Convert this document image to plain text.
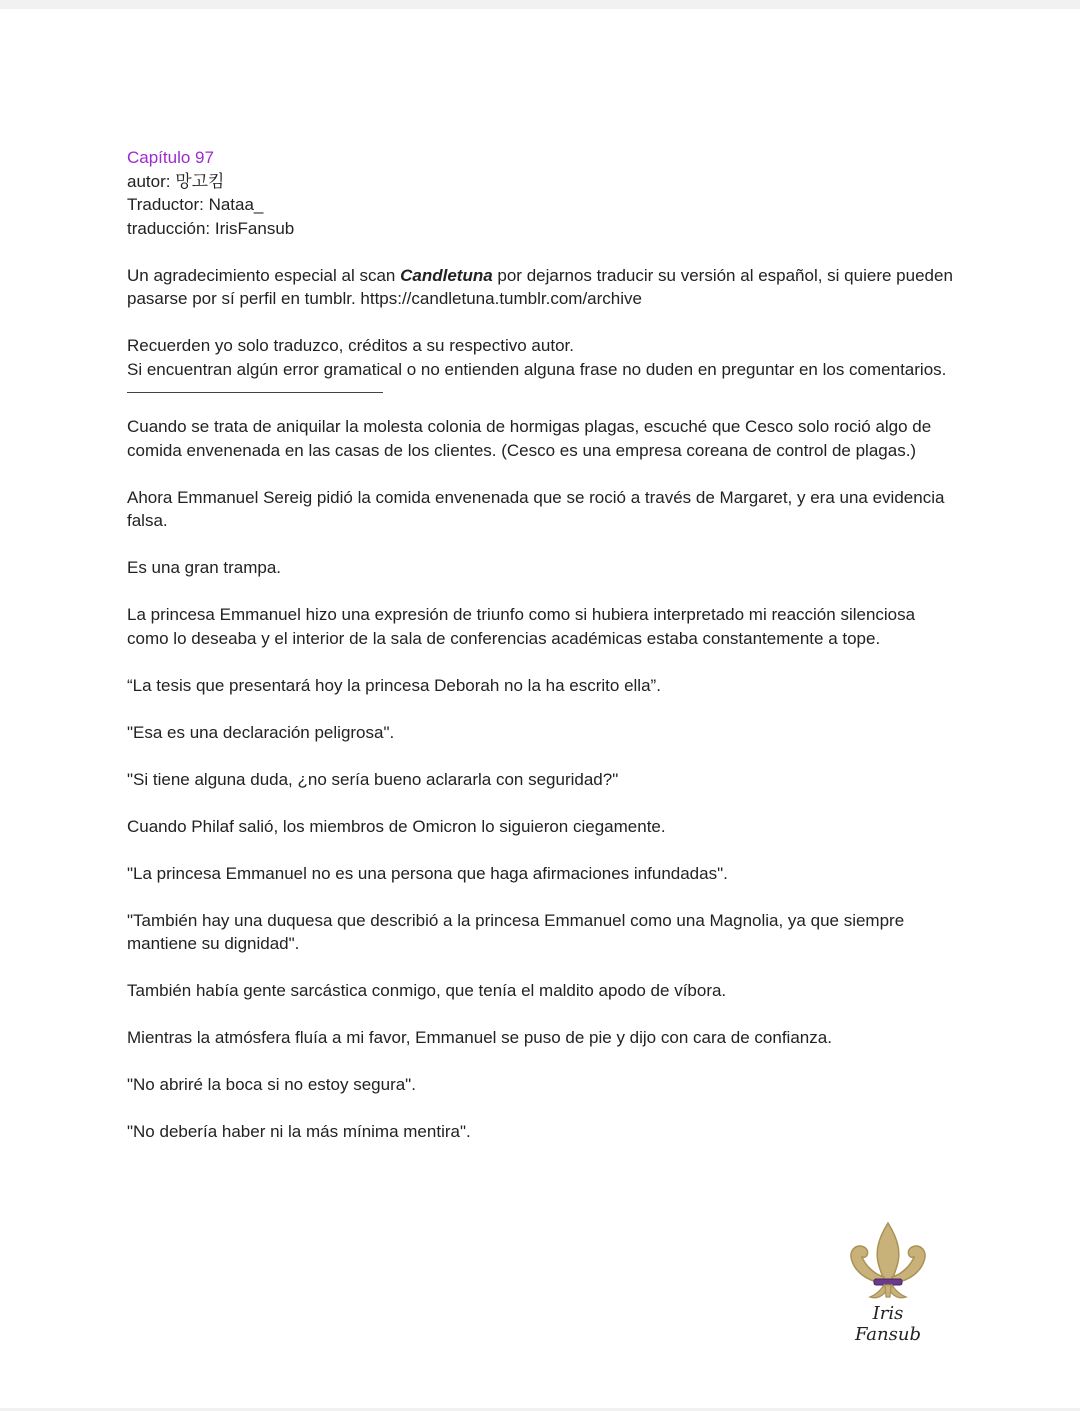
Capítulo 97

autor: 망고킴

Traductor: Nataa_

traducción: IrisFansub

Un agradecimiento especial al scan Candletuna por dejarnos traducir su versión al español, si quiere pueden pasarse por sí perfil en tumblr. https://candletuna.tumblr.com/archive

Recuerden yo solo traduzco, créditos a su respectivo autor.

Si encuentran algún error gramatical o no entienden alguna frase no duden en preguntar en los comentarios.

Cuando se trata de aniquilar la molesta colonia de hormigas plagas, escuché que Cesco solo roció algo de comida envenenada en las casas de los clientes. (Cesco es una empresa coreana de control de plagas.)

Ahora Emmanuel Sereig pidió la comida envenenada que se roció a través de Margaret, y era una evidencia falsa.

Es una gran trampa.

La princesa Emmanuel hizo una expresión de triunfo como si hubiera interpretado mi reacción silenciosa como lo deseaba y el interior de la sala de conferencias académicas estaba constantemente a tope.

“La tesis que presentará hoy la princesa Deborah no la ha escrito ella”.

"Esa es una declaración peligrosa".

"Si tiene alguna duda, ¿no sería bueno aclararla con seguridad?"

Cuando Philaf salió, los miembros de Omicron lo siguieron ciegamente.

"La princesa Emmanuel no es una persona que haga afirmaciones infundadas".

"También hay una duquesa que describió a la princesa Emmanuel como una Magnolia, ya que siempre mantiene su dignidad".

También había gente sarcástica conmigo, que tenía el maldito apodo de víbora.

Mientras la atmósfera fluía a mi favor, Emmanuel se puso de pie y dijo con cara de confianza.

"No abriré la boca si no estoy segura".

"No debería haber ni la más mínima mentira".

Iris Fansub
